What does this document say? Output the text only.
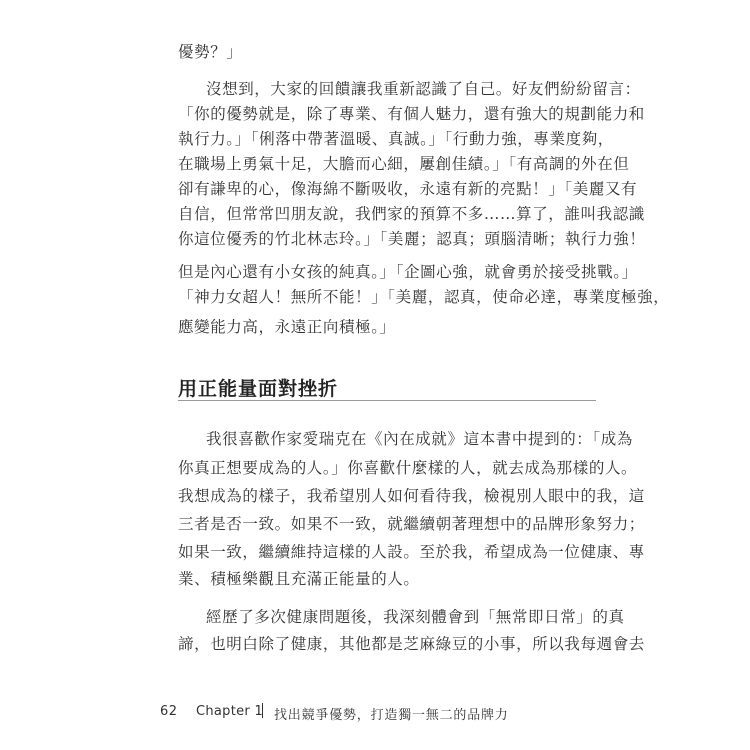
優勢？」
沒想到，大家的回饋讓我重新認識了自己。好友們紛紛留言：
「你的優勢就是，除了專業、有個人魅力，還有強大的規劃能力和
執行力。」「俐落中帶著溫暖、真誠。」「行動力強，專業度夠，
在職場上勇氣十足，大膽而心細，屢創佳績。」「有高調的外在但
卻有謙卑的心，像海綿不斷吸收，永遠有新的亮點！」「美麗又有
自信，但常常凹朋友說，我們家的預算不多……算了，誰叫我認識
你這位優秀的竹北林志玲。」「美麗；認真；頭腦清晰；執行力強！
但是內心還有小女孩的純真。」「企圖心強，就會勇於接受挑戰。」
「神力女超人！無所不能！」「美麗，認真，使命必達，專業度極強，
應變能力高，永遠正向積極。」
用正能量面對挫折
我很喜歡作家愛瑞克在《內在成就》這本書中提到的：「成為
你真正想要成為的人。」你喜歡什麼樣的人，就去成為那樣的人。
我想成為的樣子，我希望別人如何看待我，檢視別人眼中的我，這
三者是否一致。如果不一致，就繼續朝著理想中的品牌形象努力；
如果一致，繼續維持這樣的人設。至於我，希望成為一位健康、專
業、積極樂觀且充滿正能量的人。
經歷了多次健康問題後，我深刻體會到「無常即日常」的真
諦，也明白除了健康，其他都是芝麻綠豆的小事，所以我每週會去
62 Chapter 1 找出競爭優勢，打造獨一無二的品牌力
